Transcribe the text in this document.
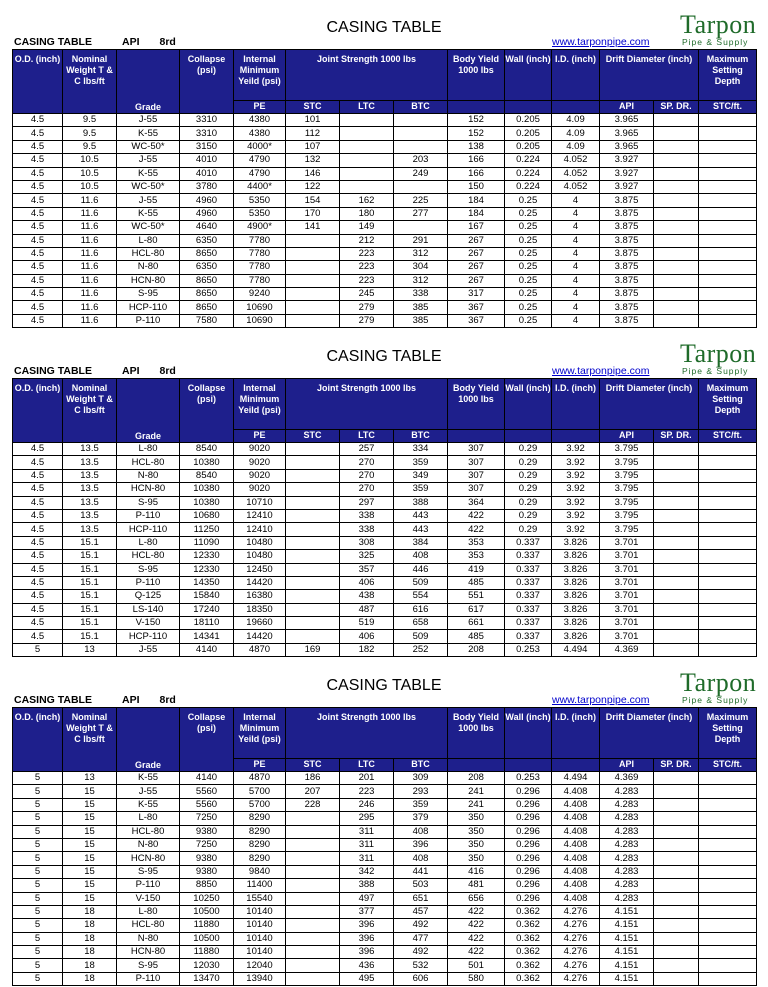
CASING TABLE
CASING TABLE	API 8rd	www.tarponpipe.com
Tarpon
Pipe & Supply
O.D. (inch)	Nominal Weight T & C lbs/ft	Grade	Collapse (psi)	Internal Minimum Yeild (psi)	Joint Strength 1000 lbs			Body Yield 1000 lbs	Wall (inch)	I.D. (inch)	Drift Diameter (inch)		Maximum Setting Depth
				PE	STC	LTC	BTC				API	SP. DR.	STC/ft.
4.5	9.5	J-55	3310	4380	101			152	0.205	4.09	3.965		
4.5	9.5	K-55	3310	4380	112			152	0.205	4.09	3.965		
4.5	9.5	WC-50*	3150	4000*	107			138	0.205	4.09	3.965		
4.5	10.5	J-55	4010	4790	132		203	166	0.224	4.052	3.927		
4.5	10.5	K-55	4010	4790	146		249	166	0.224	4.052	3.927		
4.5	10.5	WC-50*	3780	4400*	122			150	0.224	4.052	3.927		
4.5	11.6	J-55	4960	5350	154	162	225	184	0.25	4	3.875		
4.5	11.6	K-55	4960	5350	170	180	277	184	0.25	4	3.875		
4.5	11.6	WC-50*	4640	4900*	141	149		167	0.25	4	3.875		
4.5	11.6	L-80	6350	7780		212	291	267	0.25	4	3.875		
4.5	11.6	HCL-80	8650	7780		223	312	267	0.25	4	3.875		
4.5	11.6	N-80	6350	7780		223	304	267	0.25	4	3.875		
4.5	11.6	HCN-80	8650	7780		223	312	267	0.25	4	3.875		
4.5	11.6	S-95	8650	9240		245	338	317	0.25	4	3.875		
4.5	11.6	HCP-110	8650	10690		279	385	367	0.25	4	3.875		
4.5	11.6	P-110	7580	10690		279	385	367	0.25	4	3.875		
CASING TABLE
CASING TABLE	API 8rd	www.tarponpipe.com
Tarpon
Pipe & Supply
O.D. (inch)	Nominal Weight T & C lbs/ft	Grade	Collapse (psi)	Internal Minimum Yeild (psi)	Joint Strength 1000 lbs			Body Yield 1000 lbs	Wall (inch)	I.D. (inch)	Drift Diameter (inch)		Maximum Setting Depth
				PE	STC	LTC	BTC				API	SP. DR.	STC/ft.
4.5	13.5	L-80	8540	9020		257	334	307	0.29	3.92	3.795		
4.5	13.5	HCL-80	10380	9020		270	359	307	0.29	3.92	3.795		
4.5	13.5	N-80	8540	9020		270	349	307	0.29	3.92	3.795		
4.5	13.5	HCN-80	10380	9020		270	359	307	0.29	3.92	3.795		
4.5	13.5	S-95	10380	10710		297	388	364	0.29	3.92	3.795		
4.5	13.5	P-110	10680	12410		338	443	422	0.29	3.92	3.795		
4.5	13.5	HCP-110	11250	12410		338	443	422	0.29	3.92	3.795		
4.5	15.1	L-80	11090	10480		308	384	353	0.337	3.826	3.701		
4.5	15.1	HCL-80	12330	10480		325	408	353	0.337	3.826	3.701		
4.5	15.1	S-95	12330	12450		357	446	419	0.337	3.826	3.701		
4.5	15.1	P-110	14350	14420		406	509	485	0.337	3.826	3.701		
4.5	15.1	Q-125	15840	16380		438	554	551	0.337	3.826	3.701		
4.5	15.1	LS-140	17240	18350		487	616	617	0.337	3.826	3.701		
4.5	15.1	V-150	18110	19660		519	658	661	0.337	3.826	3.701		
4.5	15.1	HCP-110	14341	14420		406	509	485	0.337	3.826	3.701		
5	13	J-55	4140	4870	169	182	252	208	0.253	4.494	4.369		
CASING TABLE
CASING TABLE	API 8rd	www.tarponpipe.com
Tarpon
Pipe & Supply
O.D. (inch)	Nominal Weight T & C lbs/ft	Grade	Collapse (psi)	Internal Minimum Yeild (psi)	Joint Strength 1000 lbs			Body Yield 1000 lbs	Wall (inch)	I.D. (inch)	Drift Diameter (inch)		Maximum Setting Depth
				PE	STC	LTC	BTC				API	SP. DR.	STC/ft.
5	13	K-55	4140	4870	186	201	309	208	0.253	4.494	4.369		
5	15	J-55	5560	5700	207	223	293	241	0.296	4.408	4.283		
5	15	K-55	5560	5700	228	246	359	241	0.296	4.408	4.283		
5	15	L-80	7250	8290		295	379	350	0.296	4.408	4.283		
5	15	HCL-80	9380	8290		311	408	350	0.296	4.408	4.283		
5	15	N-80	7250	8290		311	396	350	0.296	4.408	4.283		
5	15	HCN-80	9380	8290		311	408	350	0.296	4.408	4.283		
5	15	S-95	9380	9840		342	441	416	0.296	4.408	4.283		
5	15	P-110	8850	11400		388	503	481	0.296	4.408	4.283		
5	15	V-150	10250	15540		497	651	656	0.296	4.408	4.283		
5	18	L-80	10500	10140		377	457	422	0.362	4.276	4.151		
5	18	HCL-80	11880	10140		396	492	422	0.362	4.276	4.151		
5	18	N-80	10500	10140		396	477	422	0.362	4.276	4.151		
5	18	HCN-80	11880	10140		396	492	422	0.362	4.276	4.151		
5	18	S-95	12030	12040		436	532	501	0.362	4.276	4.151		
5	18	P-110	13470	13940		495	606	580	0.362	4.276	4.151		
